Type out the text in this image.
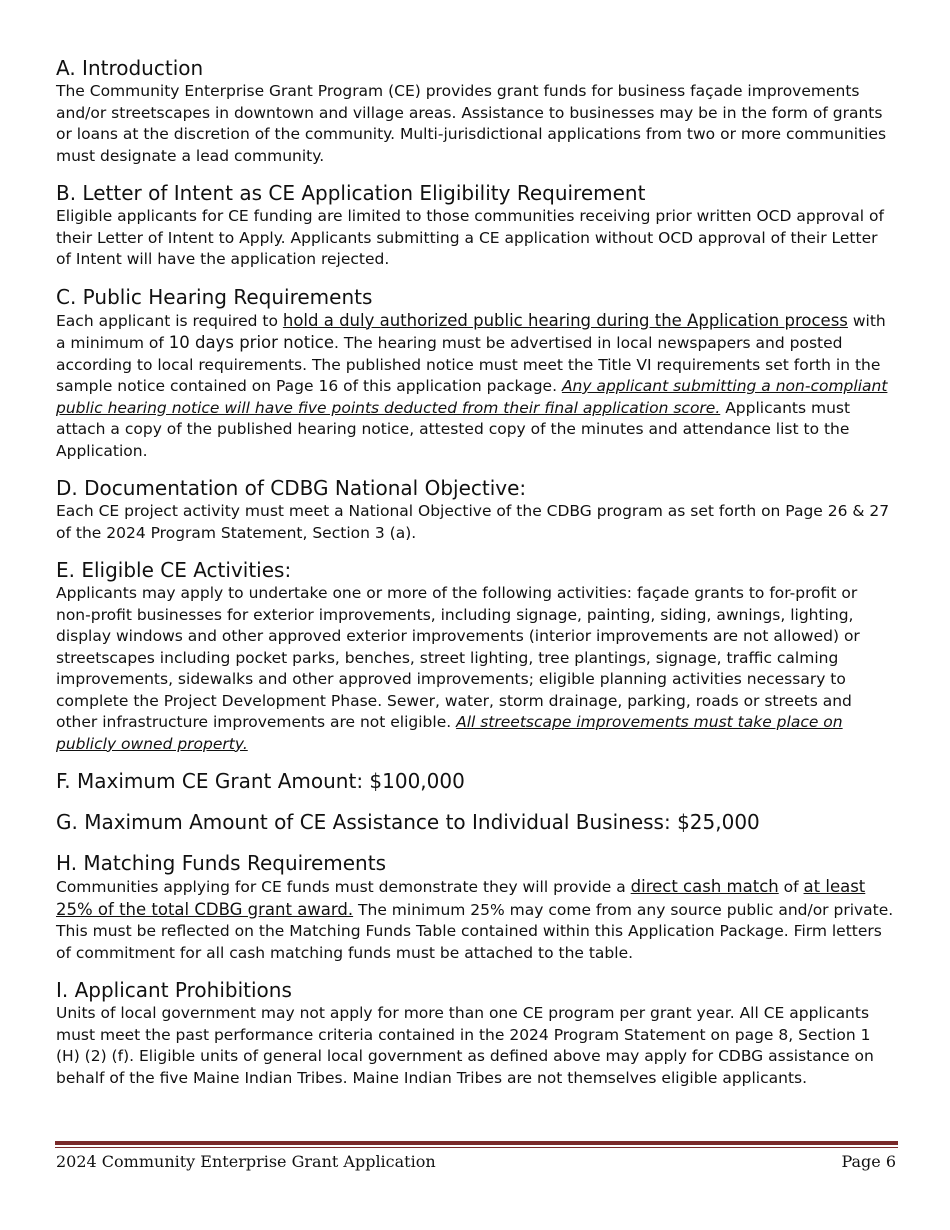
A. Introduction

The Community Enterprise Grant Program (CE) provides grant funds for business façade improvements and/or streetscapes in downtown and village areas. Assistance to businesses may be in the form of grants or loans at the discretion of the community. Multi-jurisdictional applications from two or more communities must designate a lead community.

B. Letter of Intent as CE Application Eligibility Requirement

Eligible applicants for CE funding are limited to those communities receiving prior written OCD approval of their Letter of Intent to Apply. Applicants submitting a CE application without OCD approval of their Letter of Intent will have the application rejected.

C. Public Hearing Requirements

Each applicant is required to hold a duly authorized public hearing during the Application process with a minimum of 10 days prior notice. The hearing must be advertised in local newspapers and posted according to local requirements. The published notice must meet the Title VI requirements set forth in the sample notice contained on Page 16 of this application package. Any applicant submitting a non-compliant public hearing notice will have five points deducted from their final application score. Applicants must attach a copy of the published hearing notice, attested copy of the minutes and attendance list to the Application.

D. Documentation of CDBG National Objective:

Each CE project activity must meet a National Objective of the CDBG program as set forth on Page 26 & 27 of the 2024 Program Statement, Section 3 (a).

E. Eligible CE Activities:

Applicants may apply to undertake one or more of the following activities: façade grants to for-profit or non-profit businesses for exterior improvements, including signage, painting, siding, awnings, lighting, display windows and other approved exterior improvements (interior improvements are not allowed) or streetscapes including pocket parks, benches, street lighting, tree plantings, signage, traffic calming improvements, sidewalks and other approved improvements; eligible planning activities necessary to complete the Project Development Phase. Sewer, water, storm drainage, parking, roads or streets and other infrastructure improvements are not eligible. All streetscape improvements must take place on publicly owned property.

F. Maximum CE Grant Amount: $100,000
G. Maximum Amount of CE Assistance to Individual Business: $25,000
H. Matching Funds Requirements

Communities applying for CE funds must demonstrate they will provide a direct cash match of at least 25% of the total CDBG grant award. The minimum 25% may come from any source public and/or private. This must be reflected on the Matching Funds Table contained within this Application Package. Firm letters of commitment for all cash matching funds must be attached to the table.

I. Applicant Prohibitions

Units of local government may not apply for more than one CE program per grant year. All CE applicants must meet the past performance criteria contained in the 2024 Program Statement on page 8, Section 1 (H) (2) (f). Eligible units of general local government as defined above may apply for CDBG assistance on behalf of the five Maine Indian Tribes. Maine Indian Tribes are not themselves eligible applicants.

2024 Community Enterprise Grant Application	Page 6
